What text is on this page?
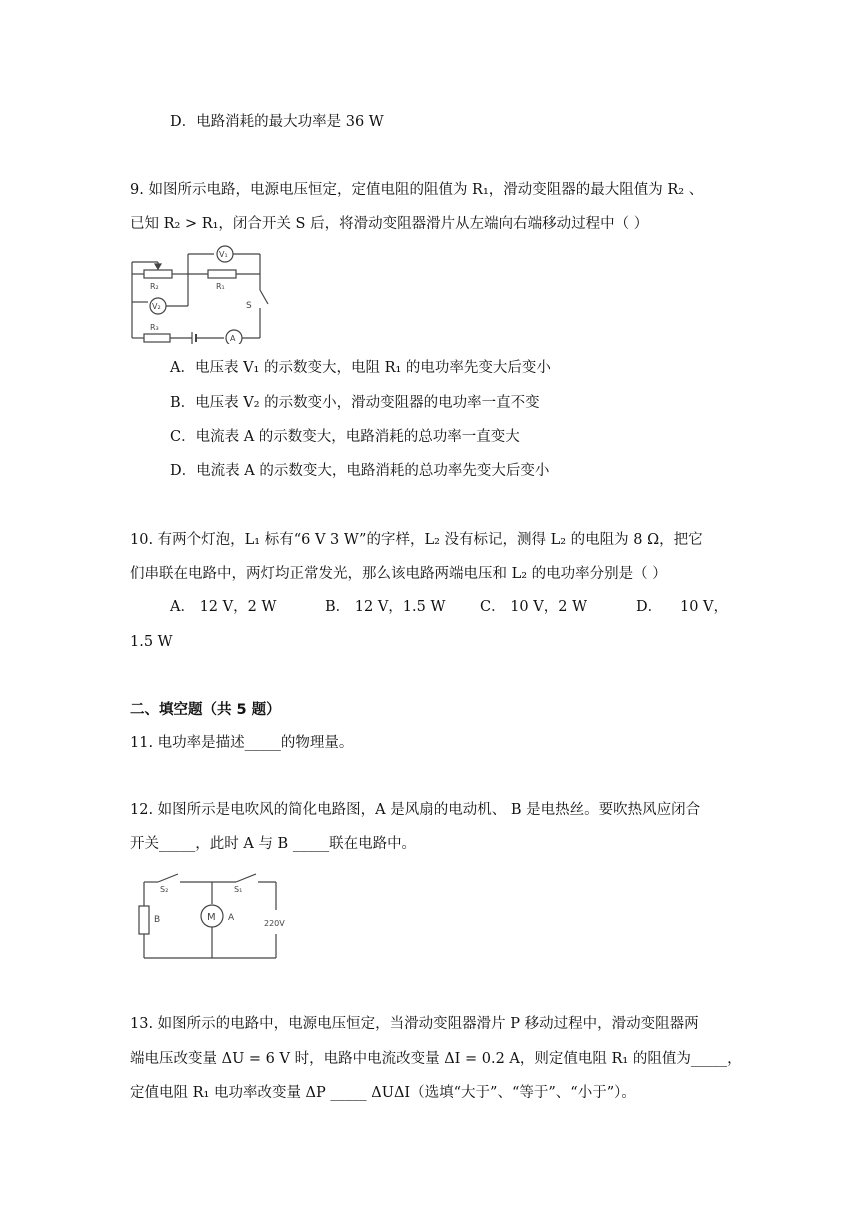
D．电路消耗的最大功率是 36 W
9. 如图所示电路，电源电压恒定，定值电阻的阻值为 R₁，滑动变阻器的最大阻值为 R₂ 、
已知 R₂ > R₁，闭合开关 S 后，将滑动变阻器滑片从左端向右端移动过程中（ ）
R₂	R₁
V₁
V₂	S
R₃
A
A．电压表 V₁ 的示数变大，电阻 R₁ 的电功率先变大后变小
B．电压表 V₂ 的示数变小，滑动变阻器的电功率一直不变
C．电流表 A 的示数变大，电路消耗的总功率一直变大
D．电流表 A 的示数变大，电路消耗的总功率先变大后变小
10. 有两个灯泡，L₁ 标有“6 V 3 W”的字样，L₂ 没有标记，测得 L₂ 的电阻为 8 Ω，把它
们串联在电路中，两灯均正常发光，那么该电路两端电压和 L₂ 的电功率分别是（ ）
A． 12 V，2 W	B． 12 V，1.5 W C． 10 V，2 W	D． 10 V，
1.5 W
二、填空题（共 5 题）
11. 电功率是描述_____的物理量。
12. 如图所示是电吹风的简化电路图，A 是风扇的电动机、 B 是电热丝。要吹热风应闭合
开关_____，此时 A 与 B _____联在电路中。
S₂	S₁
B	M A
220V
13. 如图所示的电路中，电源电压恒定，当滑动变阻器滑片 P 移动过程中，滑动变阻器两
端电压改变量 ΔU = 6 V 时，电路中电流改变量 ΔI = 0.2 A，则定值电阻 R₁ 的阻值为_____，
定值电阻 R₁ 电功率改变量 ΔP _____ ΔUΔI（选填“大于”、“等于”、“小于”）。
